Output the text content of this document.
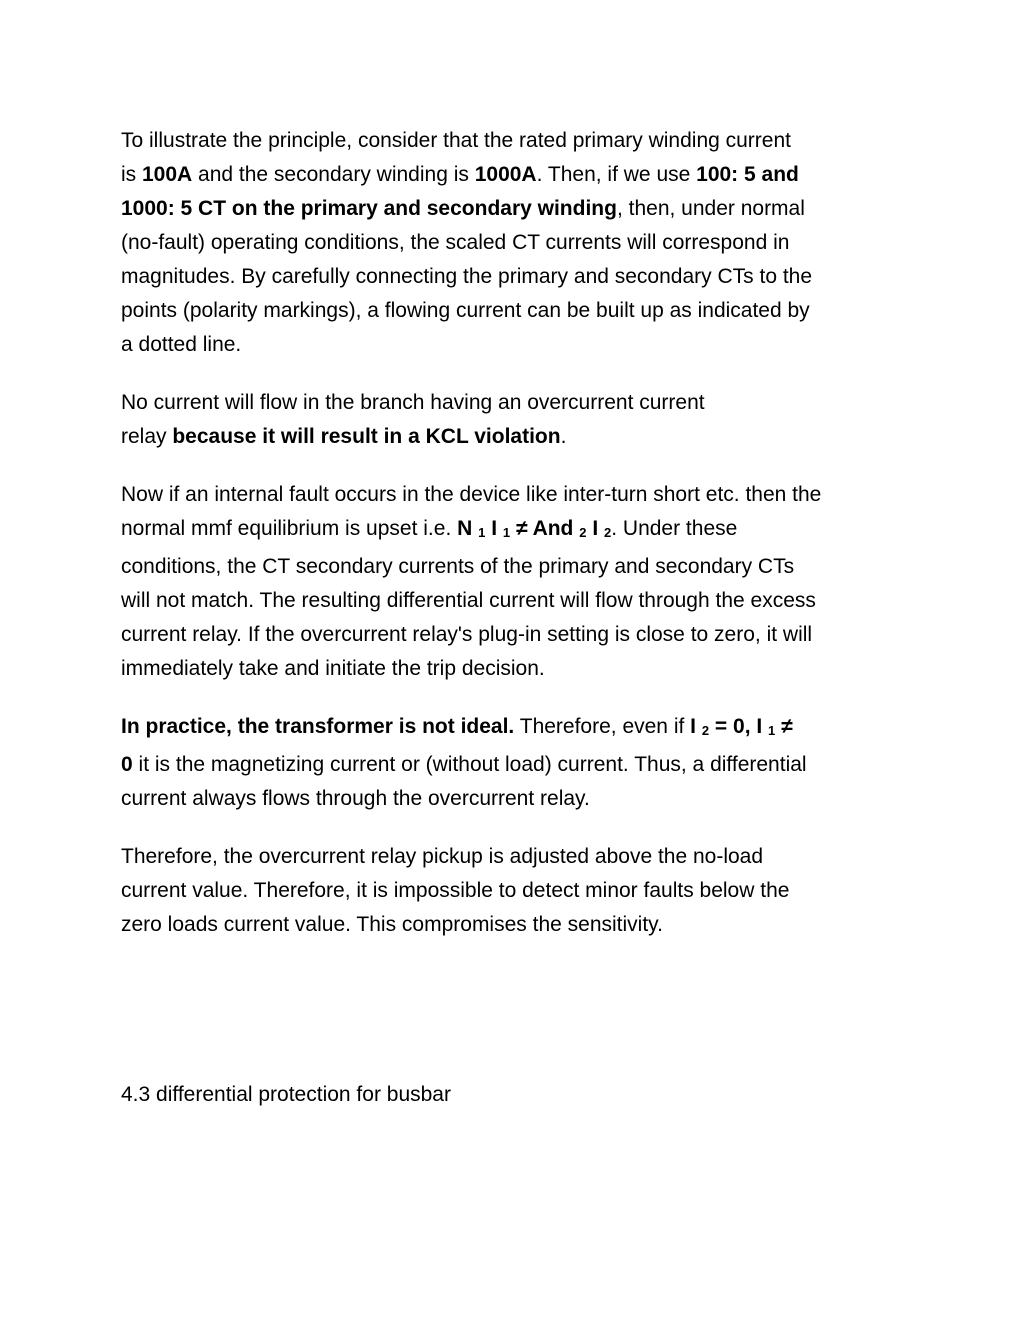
To illustrate the principle, consider that the rated primary winding current
is 100A and the secondary winding is 1000A. Then, if we use 100: 5 and
1000: 5 CT on the primary and secondary winding, then, under normal
(no-fault) operating conditions, the scaled CT currents will correspond in
magnitudes. By carefully connecting the primary and secondary CTs to the
points (polarity markings), a flowing current can be built up as indicated by
a dotted line.

No current will flow in the branch having an overcurrent current
relay because it will result in a KCL violation.

Now if an internal fault occurs in the device like inter-turn short etc. then the
normal mmf equilibrium is upset i.e. N 1 I 1 ≠ And 2 I 2. Under these
conditions, the CT secondary currents of the primary and secondary CTs
will not match. The resulting differential current will flow through the excess
current relay. If the overcurrent relay's plug-in setting is close to zero, it will
immediately take and initiate the trip decision.

In practice, the transformer is not ideal. Therefore, even if I 2 = 0, I 1 ≠
0 it is the magnetizing current or (without load) current. Thus, a differential
current always flows through the overcurrent relay.

Therefore, the overcurrent relay pickup is adjusted above the no-load
current value. Therefore, it is impossible to detect minor faults below the
zero loads current value. This compromises the sensitivity.

4.3 differential protection for busbar
